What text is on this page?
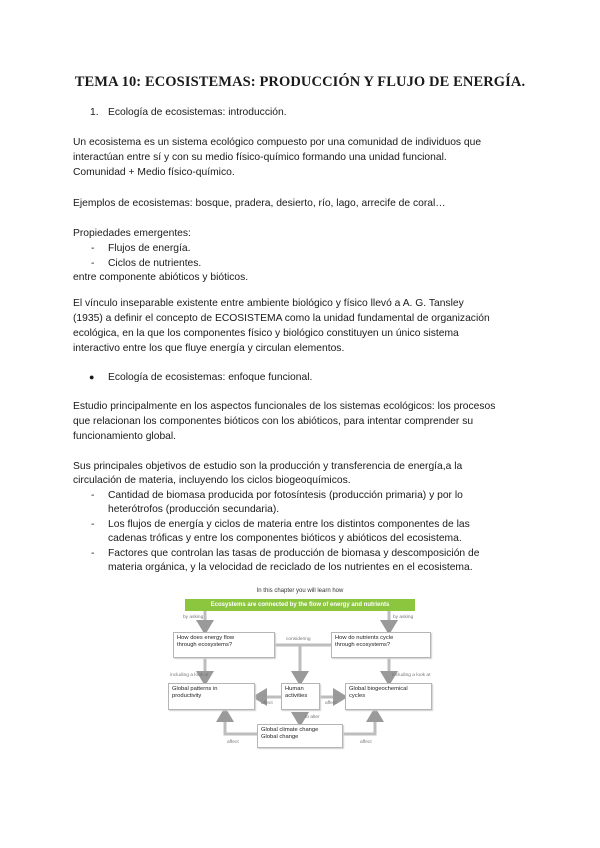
TEMA 10: ECOSISTEMAS: PRODUCCIÓN Y FLUJO DE ENERGÍA.
1. Ecología de ecosistemas: introducción.
Un ecosistema es un sistema ecológico compuesto por una comunidad de individuos que
interactúan entre sí y con su medio físico-químico formando una unidad funcional.
Comunidad + Medio físico-químico.
Ejemplos de ecosistemas: bosque, pradera, desierto, río, lago, arrecife de coral…
Propiedades emergentes:
- Flujos de energía.
- Ciclos de nutrientes.
entre componente abióticos y bióticos.
El vínculo inseparable existente entre ambiente biológico y físico llevó a A. G. Tansley
(1935) a definir el concepto de ECOSISTEMA como la unidad fundamental de organización
ecológica, en la que los componentes físico y biológico constituyen un único sistema
interactivo entre los que fluye energía y circulan elementos.
● Ecología de ecosistemas: enfoque funcional.
Estudio principalmente en los aspectos funcionales de los sistemas ecológicos: los procesos
que relacionan los componentes bióticos con los abióticos, para intentar comprender su
funcionamiento global.
Sus principales objetivos de estudio son la producción y transferencia de energía,a la
circulación de materia, incluyendo los ciclos biogeoquímicos.
- Cantidad de biomasa producida por fotosíntesis (producción primaria) y por lo
heterótrofos (producción secundaria).
- Los flujos de energía y ciclos de materia entre los distintos componentes de las
cadenas tróficas y entre los componentes bióticos y abióticos del ecosistema.
- Factores que controlan las tasas de producción de biomasa y descomposición de
materia orgánica, y la velocidad de reciclado de los nutrientes en el ecosistema.
In this chapter you will learn how
Ecosystems are connected by the flow of energy and nutrients
by asking	by asking
How does energy flow
through ecosystems?
How do nutrients cycle
through ecosystems?
considering
including a look at	including a look at
Global patterns in
productivity
Human
activities
Global biogeochemical
cycles
affect	affect
to alter
Global climate change
Global change
affect	affect
